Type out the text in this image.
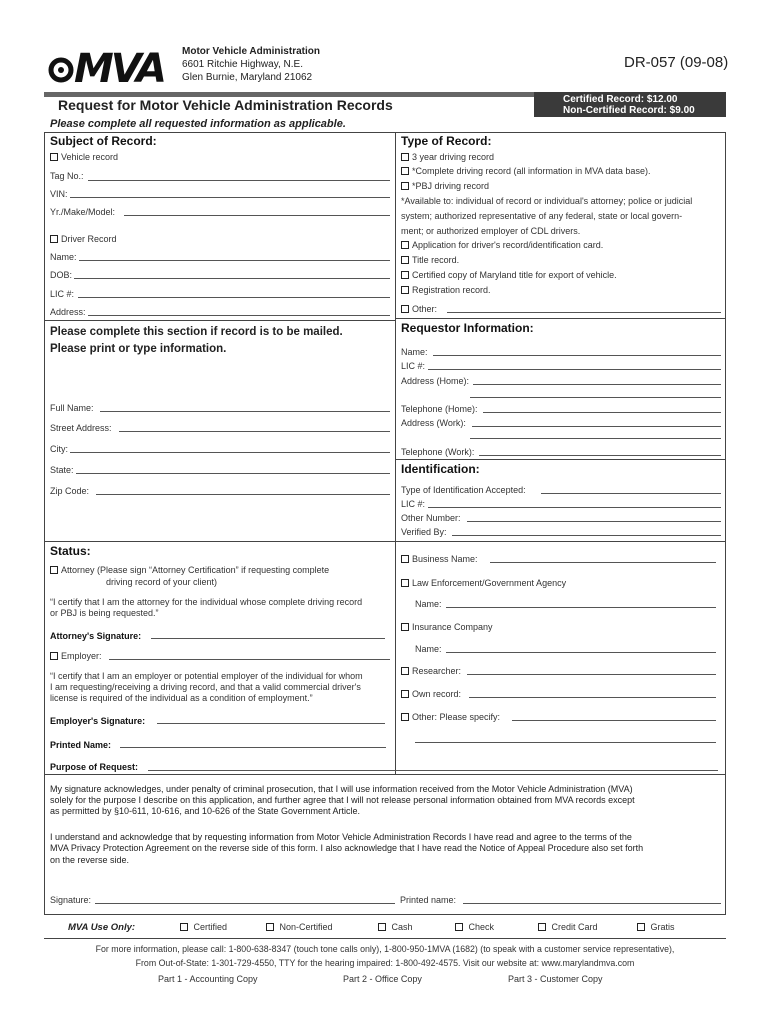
MVA Motor Vehicle Administration
6601 Ritchie Highway, N.E.
Glen Burnie, Maryland 21062
DR-057 (09-08)
Request for Motor Vehicle Administration Records	Certified Record: $12.00
Non-Certified Record: $9.00
Please complete all requested information as applicable.
Subject of Record:
Vehicle record
Tag No.:
VIN:
Yr./Make/Model:
Driver Record
Name:
DOB:
LIC #:
Address:
Type of Record:
3 year driving record
*Complete driving record (all information in MVA data base).
*PBJ driving record
*Available to: individual of record or individual's attorney; police or judicial
system; authorized representative of any federal, state or local govern-
ment; or authorized employer of CDL drivers.
Application for driver's record/identification card.
Title record.
Certified copy of Maryland title for export of vehicle.
Registration record.
Other:
Please complete this section if record is to be mailed.
Please print or type information.
Full Name:
Street Address:
City:
State:
Zip Code:
Requestor Information:
Name:
LIC #:
Address (Home):
Telephone (Home):
Address (Work):
Telephone (Work):
Identification:
Type of Identification Accepted:
LIC #:
Other Number:
Verified By:
Status:
Attorney (Please sign “Attorney Certification” if requesting complete
driving record of your client)
“I certify that I am the attorney for the individual whose complete driving record
or PBJ is being requested.”
Attorney's Signature:
Employer:
“I certify that I am an employer or potential employer of the individual for whom
I am requesting/receiving a driving record, and that a valid commercial driver's
license is required of the individual as a condition of employment.”
Employer's Signature:
Printed Name:
Purpose of Request:
Business Name:
Law Enforcement/Government Agency
Name:
Insurance Company
Name:
Researcher:
Own record:
Other: Please specify:
My signature acknowledges, under penalty of criminal prosecution, that I will use information received from the Motor Vehicle Administration (MVA)
solely for the purpose I describe on this application, and further agree that I will not release personal information obtained from MVA records except
as permitted by §10-611, 10-616, and 10-626 of the State Government Article.
I understand and acknowledge that by requesting information from Motor Vehicle Administration Records I have read and agree to the terms of the
MVA Privacy Protection Agreement on the reverse side of this form. I also acknowledge that I have read the Notice of Appeal Procedure also set forth
on the reverse side.
Signature:	Printed name:
MVA Use Only:	Certified	Non-Certified	Cash	Check	Credit Card	Gratis
For more information, please call: 1-800-638-8347 (touch tone calls only), 1-800-950-1MVA (1682) (to speak with a customer service representative),
From Out-of-State: 1-301-729-4550, TTY for the hearing impaired: 1-800-492-4575. Visit our website at: www.marylandmva.com
Part 1 - Accounting Copy	Part 2 - Office Copy	Part 3 - Customer Copy
